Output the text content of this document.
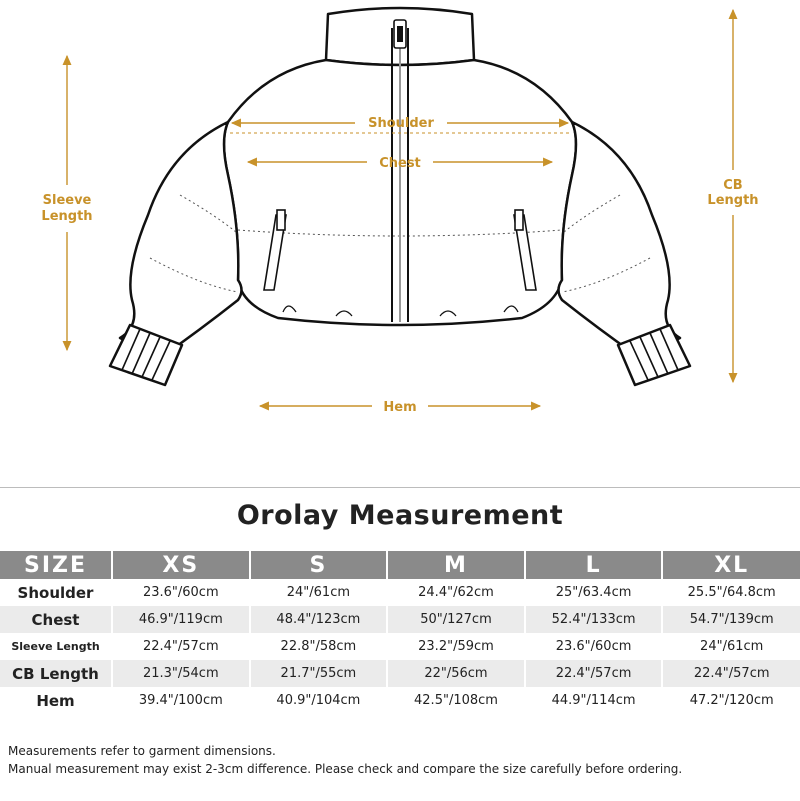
Shoulder
Chest
Hem
Sleeve
Length
CB
Length
Orolay Measurement
SIZE	XS	S	M	L	XL
Shoulder	23.6"/60cm	24"/61cm	24.4"/62cm	25"/63.4cm	25.5"/64.8cm
Chest	46.9"/119cm	48.4"/123cm	50"/127cm	52.4"/133cm	54.7"/139cm
Sleeve Length	22.4"/57cm	22.8"/58cm	23.2"/59cm	23.6"/60cm	24"/61cm
CB Length	21.3"/54cm	21.7"/55cm	22"/56cm	22.4"/57cm	22.4"/57cm
Hem	39.4"/100cm	40.9"/104cm	42.5"/108cm	44.9"/114cm	47.2"/120cm
Measurements refer to garment dimensions.
Manual measurement may exist 2-3cm difference. Please check and compare the size carefully before ordering.
